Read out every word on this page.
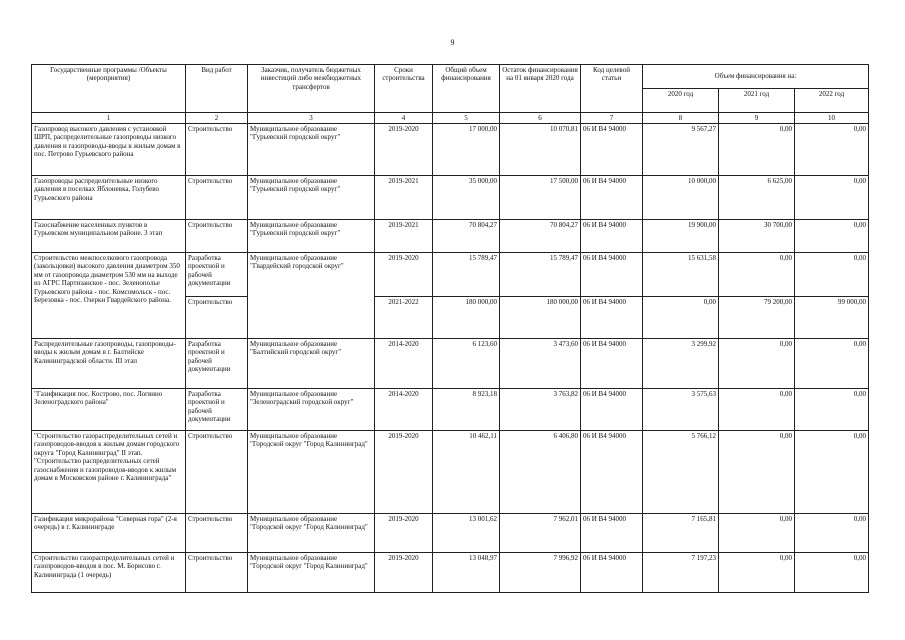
9
Государственные программы /Объекты (мероприятия)	Вид работ	Заказчик, получатель бюджетных инвестиций либо межбюджетных трансфертов	Сроки строительства	Общий объем финансирования	Остаток финансирования на 01 января 2020 года	Код целевой статьи	Объем финансирования на:		
							2020 год	2021 год	2022 год
1	2	3	4	5	6	7	8	9	10
Газопровод высокого давления с установкой ШРП, распределительные газопроводы низкого давления и газопроводы-вводы к жилым домам в пос. Петрово Гурьевского района	Строительство	Муниципальное образование "Гурьевский городской округ"	2019-2020	17 000,00	10 070,81	06 И В4 94000	9 567,27	0,00	0,00
Газопроводы распределительные низкого давления в поселках Яблоневка, Голубево Гурьевского района	Строительство	Муниципальное образование "Гурьевский городской округ"	2019-2021	35 000,00	17 500,00	06 И В4 94000	10 000,00	6 625,00	0,00
Газоснабжение населенных пунктов в Гурьевском муниципальном районе. 3 этап	Строительство	Муниципальное образование "Гурьевский городской округ"	2019-2021	70 804,27	70 804,27	06 И В4 94000	19 900,00	30 700,00	0,00
Строительство межпоселкового газопровода (закольцовки) высокого давления диаметром 350 мм от газопровода диаметром 530 мм на выходе из АГРС Партизанское - пос. Зеленополье Гурьевского района - пос. Комсомольск - пос. Березовка - пос. Озерки Гвардейского района.	Разработка проектной и рабочей документации	Муниципальное образование "Гвардейский городской округ"	2019-2020	15 789,47	15 789,47	06 И В4 94000	15 631,58	0,00	0,00
	Строительство		2021-2022	180 000,00	180 000,00	06 И В4 94000	0,00	79 200,00	99 000,00
Распределительные газопроводы, газопроводы-вводы к жилым домам в г. Балтийске Калининградской области. III этап	Разработка проектной и рабочей документации	Муниципальное образование "Балтийский городской округ"	2014-2020	6 123,60	3 473,60	06 И В4 94000	3 299,92	0,00	0,00
"Газификация пос. Кострово, пос. Логвино Зеленоградского района"	Разработка проектной и рабочей документации	Муниципальное образование "Зеленоградский городской округ"	2014-2020	8 923,18	3 763,82	06 И В4 94000	3 575,63	0,00	0,00
"Строительство газораспределительных сетей и газопроводов-вводов к жилым домам городского округа "Город Калининград" II этап. "Строительство распределительных сетей газоснабжения и газопроводов-вводов к жилым домам в Московском районе г. Калининграда"	Строительство	Муниципальное образование "Городской округ "Город Калининград"	2019-2020	10 462,11	6 406,80	06 И В4 94000	5 766,12	0,00	0,00
Газификация микрорайона "Северная гора" (2-я очередь) в г. Калининграде	Строительство	Муниципальное образование "Городской округ "Город Калининград"	2019-2020	13 001,62	7 962,01	06 И В4 94000	7 165,81	0,00	0,00
Строительство газораспределительных сетей и газопроводов-вводов в пос. М. Борисово г. Калининграда (1 очередь)	Строительство	Муниципальное образование "Городской округ "Город Калининград"	2019-2020	13 048,97	7 996,92	06 И В4 94000	7 197,23	0,00	0,00
